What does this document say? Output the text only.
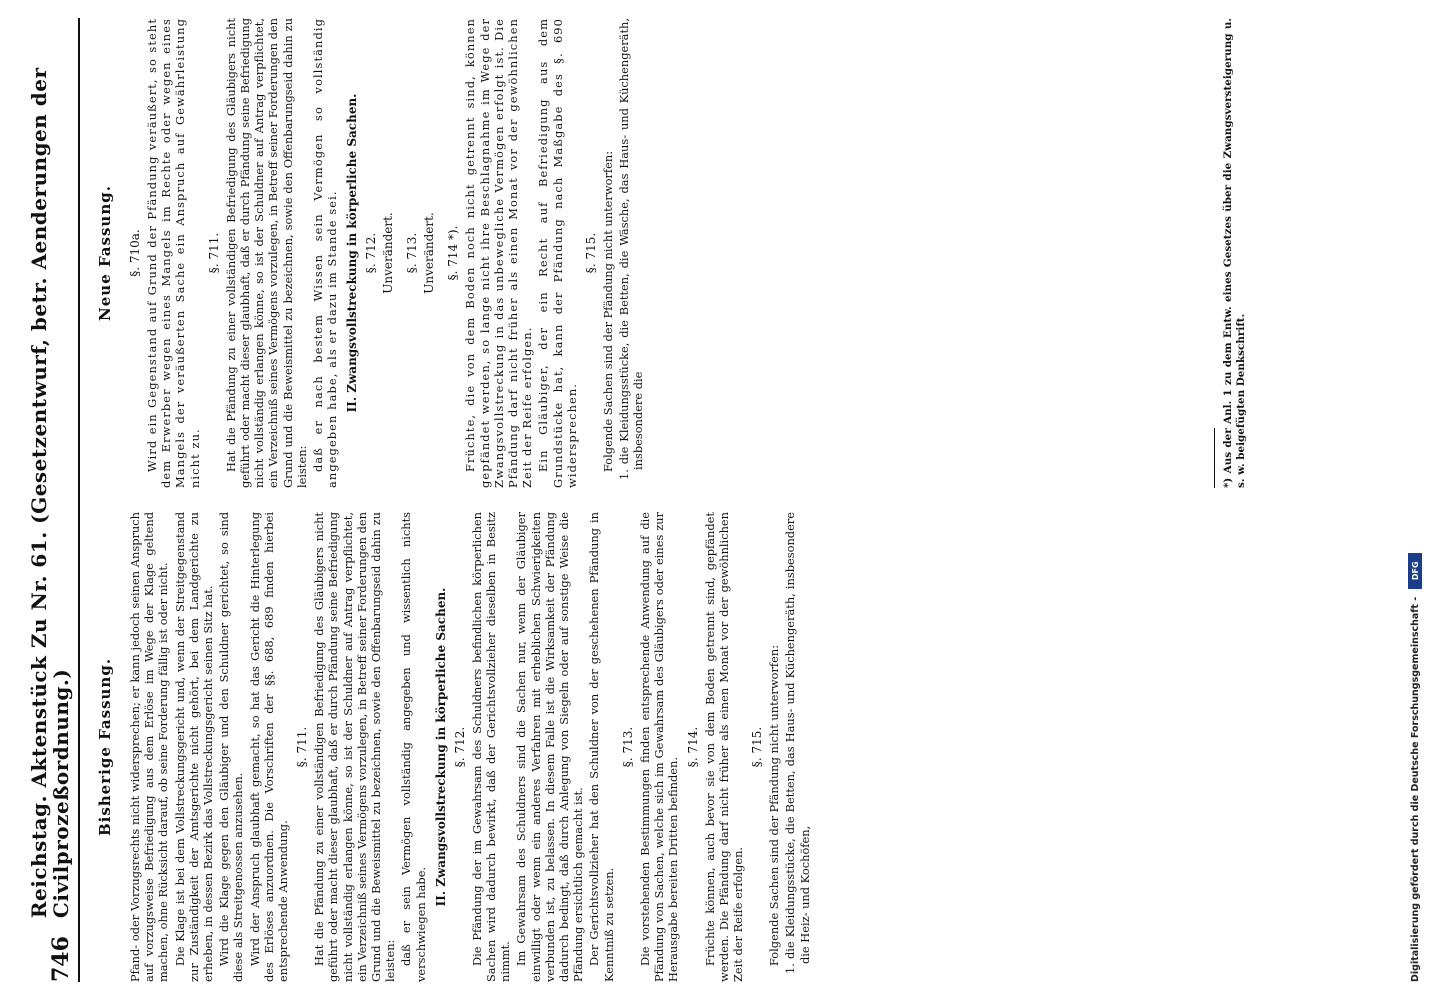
746
Reichstag. Aktenstück Zu Nr. 61. (Gesetzentwurf, betr. Aenderungen der Civilprozeßordnung.) Bisherige Fassung. Pfand- oder Vorzugsrechts nicht widersprechen; er kann jedoch seinen Anspruch auf vorzugsweise Befriedigung aus dem Erlöse im Wege der Klage geltend machen, ohne Rücksicht darauf, ob seine Forderung fällig ist oder nicht. Die Klage ist bei dem Vollstreckungsgericht und, wenn der Streitgegenstand zur Zuständigkeit der Amtsgerichte nicht gehört, bei dem Landgerichte zu erheben, in dessen Bezirk das Vollstreckungsgericht seinen Sitz hat. Wird die Klage gegen den Gläubiger und den Schuldner gerichtet, so sind diese als Streitgenossen anzusehen. Wird der Anspruch glaubhaft gemacht, so hat das Gericht die Hinterlegung des Erlöses anzuordnen. Die Vorschriften der §§. 688, 689 finden hierbei entsprechende Anwendung.

§. 711. Hat die Pfändung zu einer vollständigen Befriedigung des Gläubigers nicht geführt oder macht dieser glaubhaft, daß er durch Pfändung seine Befriedigung nicht vollständig erlangen könne, so ist der Schuldner auf Antrag verpflichtet, ein Verzeichniß seines Vermögens vorzulegen, in Betreff seiner Forderungen den Grund und die Beweismittel zu bezeichnen, sowie den Offenbarungseid dahin zu leisten: daß er sein Vermögen vollständig angegeben und wissentlich nichts verschwiegen habe.

II. Zwangsvollstreckung in körperliche Sachen. §. 712. Die Pfändung der im Gewahrsam des Schuldners befindlichen körperlichen Sachen wird dadurch bewirkt, daß der Gerichtsvollzieher dieselben in Besitz nimmt. Im Gewahrsam des Schuldners sind die Sachen nur, wenn der Gläubiger einwilligt oder wenn ein anderes Verfahren mit erheblichen Schwierigkeiten verbunden ist, zu belassen. In diesem Falle ist die Wirksamkeit der Pfändung dadurch bedingt, daß durch Anlegung von Siegeln oder auf sonstige Weise die Pfändung ersichtlich gemacht ist. Der Gerichtsvollzieher hat den Schuldner von der geschehenen Pfändung in Kenntniß zu setzen.

§. 713. Die vorstehenden Bestimmungen finden entsprechende Anwendung auf die Pfändung von Sachen, welche sich im Gewahrsam des Gläubigers oder eines zur Herausgabe bereiten Dritten befinden.

§. 714. Früchte können, auch bevor sie von dem Boden getrennt sind, gepfändet werden. Die Pfändung darf nicht früher als einen Monat vor der gewöhnlichen Zeit der Reife erfolgen.

§. 715. Folgende Sachen sind der Pfändung nicht unterworfen: 1. die Kleidungsstücke, die Betten, das Haus- und Küchengeräth, insbesondere die Heiz- und Kochöfen,

Neue Fassung. §. 710a. Wird ein Gegenstand auf Grund der Pfändung veräußert, so steht dem Erwerber wegen eines Mangels im Rechte oder wegen eines Mangels der veräußerten Sache ein Anspruch auf Gewährleistung nicht zu.

§. 711. Hat die Pfändung zu einer vollständigen Befriedigung des Gläubigers nicht geführt oder macht dieser glaubhaft, daß er durch Pfändung seine Befriedigung nicht vollständig erlangen könne, so ist der Schuldner auf Antrag verpflichtet, ein Verzeichniß seines Vermögens vorzulegen, in Betreff seiner Forderungen den Grund und die Beweismittel zu bezeichnen, sowie den Offenbarungseid dahin zu leisten: daß er nach bestem Wissen sein Vermögen so vollständig angegeben habe, als er dazu im Stande sei. II. Zwangsvollstreckung in körperliche Sachen. §. 712. Unverändert. §. 713. Unverändert. §. 714 *). Früchte, die von dem Boden noch nicht getrennt sind, können gepfändet werden, so lange nicht ihre Beschlagnahme im Wege der Zwangsvollstreckung in das unbewegliche Vermögen erfolgt ist. Die Pfändung darf nicht früher als einen Monat vor der gewöhnlichen Zeit der Reife erfolgen. Ein Gläubiger, der ein Recht auf Befriedigung aus dem Grundstücke hat, kann der Pfändung nach Maßgabe des §. 690 widersprechen.

§. 715. Folgende Sachen sind der Pfändung nicht unterworfen: 1. die Kleidungsstücke, die Betten, die Wäsche, das Haus- und Küchengeräth, insbesondere die	*) Aus der Anl. 1 zu dem Entw. eines Gesetzes über die Zwangsversteigerung u. s. w. beigefügten Denkschrift.
Digitalisierung gefördert durch die Deutsche Forschungsgemeinschaft -
DFG
